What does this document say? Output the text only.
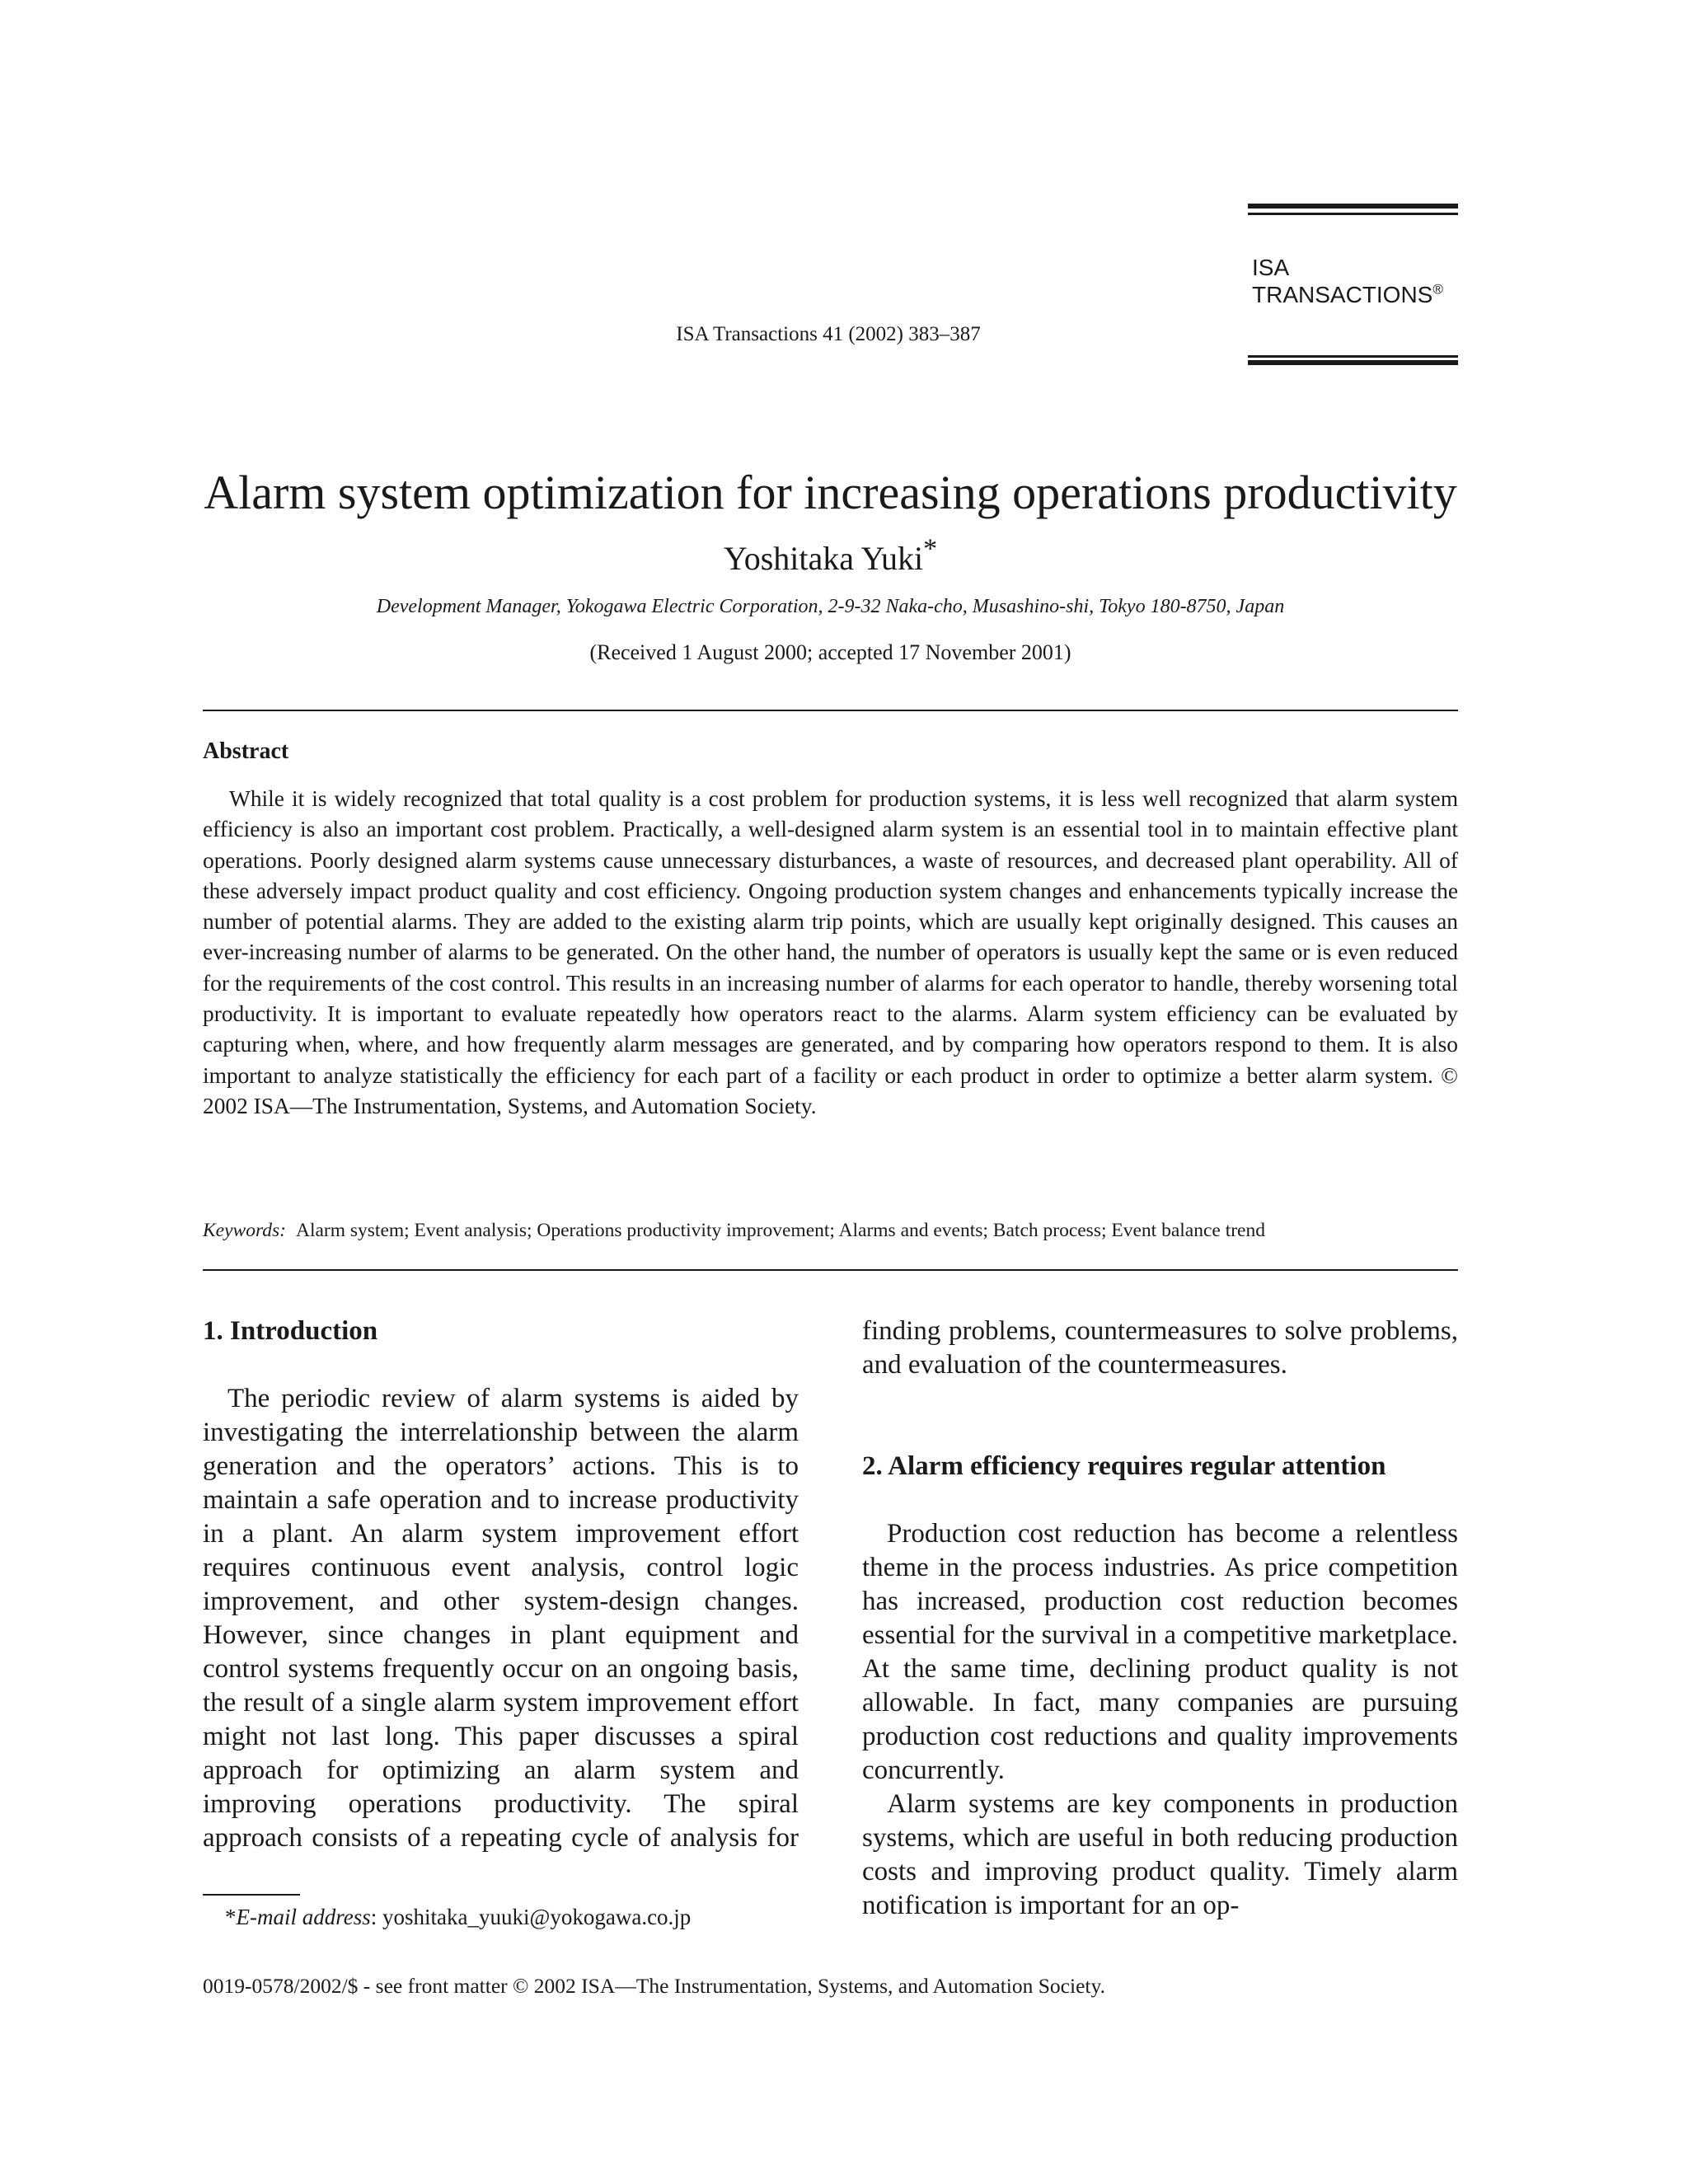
ISA
TRANSACTIONS®
ISA Transactions 41 (2002) 383–387
Alarm system optimization for increasing operations productivity
Yoshitaka Yuki*
Development Manager, Yokogawa Electric Corporation, 2-9-32 Naka-cho, Musashino-shi, Tokyo 180-8750, Japan
(Received 1 August 2000; accepted 17 November 2001)
Abstract

While it is widely recognized that total quality is a cost problem for production systems, it is less well recognized that alarm system efficiency is also an important cost problem. Practically, a well-designed alarm system is an essential tool in to maintain effective plant operations. Poorly designed alarm systems cause unnecessary disturbances, a waste of resources, and decreased plant operability. All of these adversely impact product quality and cost efficiency. Ongoing production system changes and enhancements typically increase the number of potential alarms. They are added to the existing alarm trip points, which are usually kept originally designed. This causes an ever-increasing number of alarms to be generated. On the other hand, the number of operators is usually kept the same or is even reduced for the requirements of the cost control. This results in an increasing number of alarms for each operator to handle, thereby worsening total productivity. It is important to evaluate repeatedly how operators react to the alarms. Alarm system efficiency can be evaluated by capturing when, where, and how frequently alarm messages are generated, and by comparing how operators respond to them. It is also important to analyze statistically the efficiency for each part of a facility or each product in order to optimize a better alarm system. © 2002 ISA—The Instrumentation, Systems, and Automation Society.

Keywords: Alarm system; Event analysis; Operations productivity improvement; Alarms and events; Batch process; Event balance trend
1. Introduction

The periodic review of alarm systems is aided by investigating the interrelationship between the alarm generation and the operators’ actions. This is to maintain a safe operation and to increase productivity in a plant. An alarm system improvement effort requires continuous event analysis, control logic improvement, and other system-design changes. However, since changes in plant equipment and control systems frequently occur on an ongoing basis, the result of a single alarm system improvement effort might not last long. This paper discusses a spiral approach for optimizing an alarm system and improving operations productivity. The spiral approach consists of a repeating cycle of analysis for

finding problems, countermeasures to solve problems, and evaluation of the countermeasures.

2. Alarm efficiency requires regular attention

Production cost reduction has become a relentless theme in the process industries. As price competition has increased, production cost reduction becomes essential for the survival in a competitive marketplace. At the same time, declining product quality is not allowable. In fact, many companies are pursuing production cost reductions and quality improvements concurrently.

Alarm systems are key components in production systems, which are useful in both reducing production costs and improving product quality. Timely alarm notification is important for an op-

*E-mail address: yoshitaka_yuuki@yokogawa.co.jp
0019-0578/2002/$ - see front matter © 2002 ISA—The Instrumentation, Systems, and Automation Society.
